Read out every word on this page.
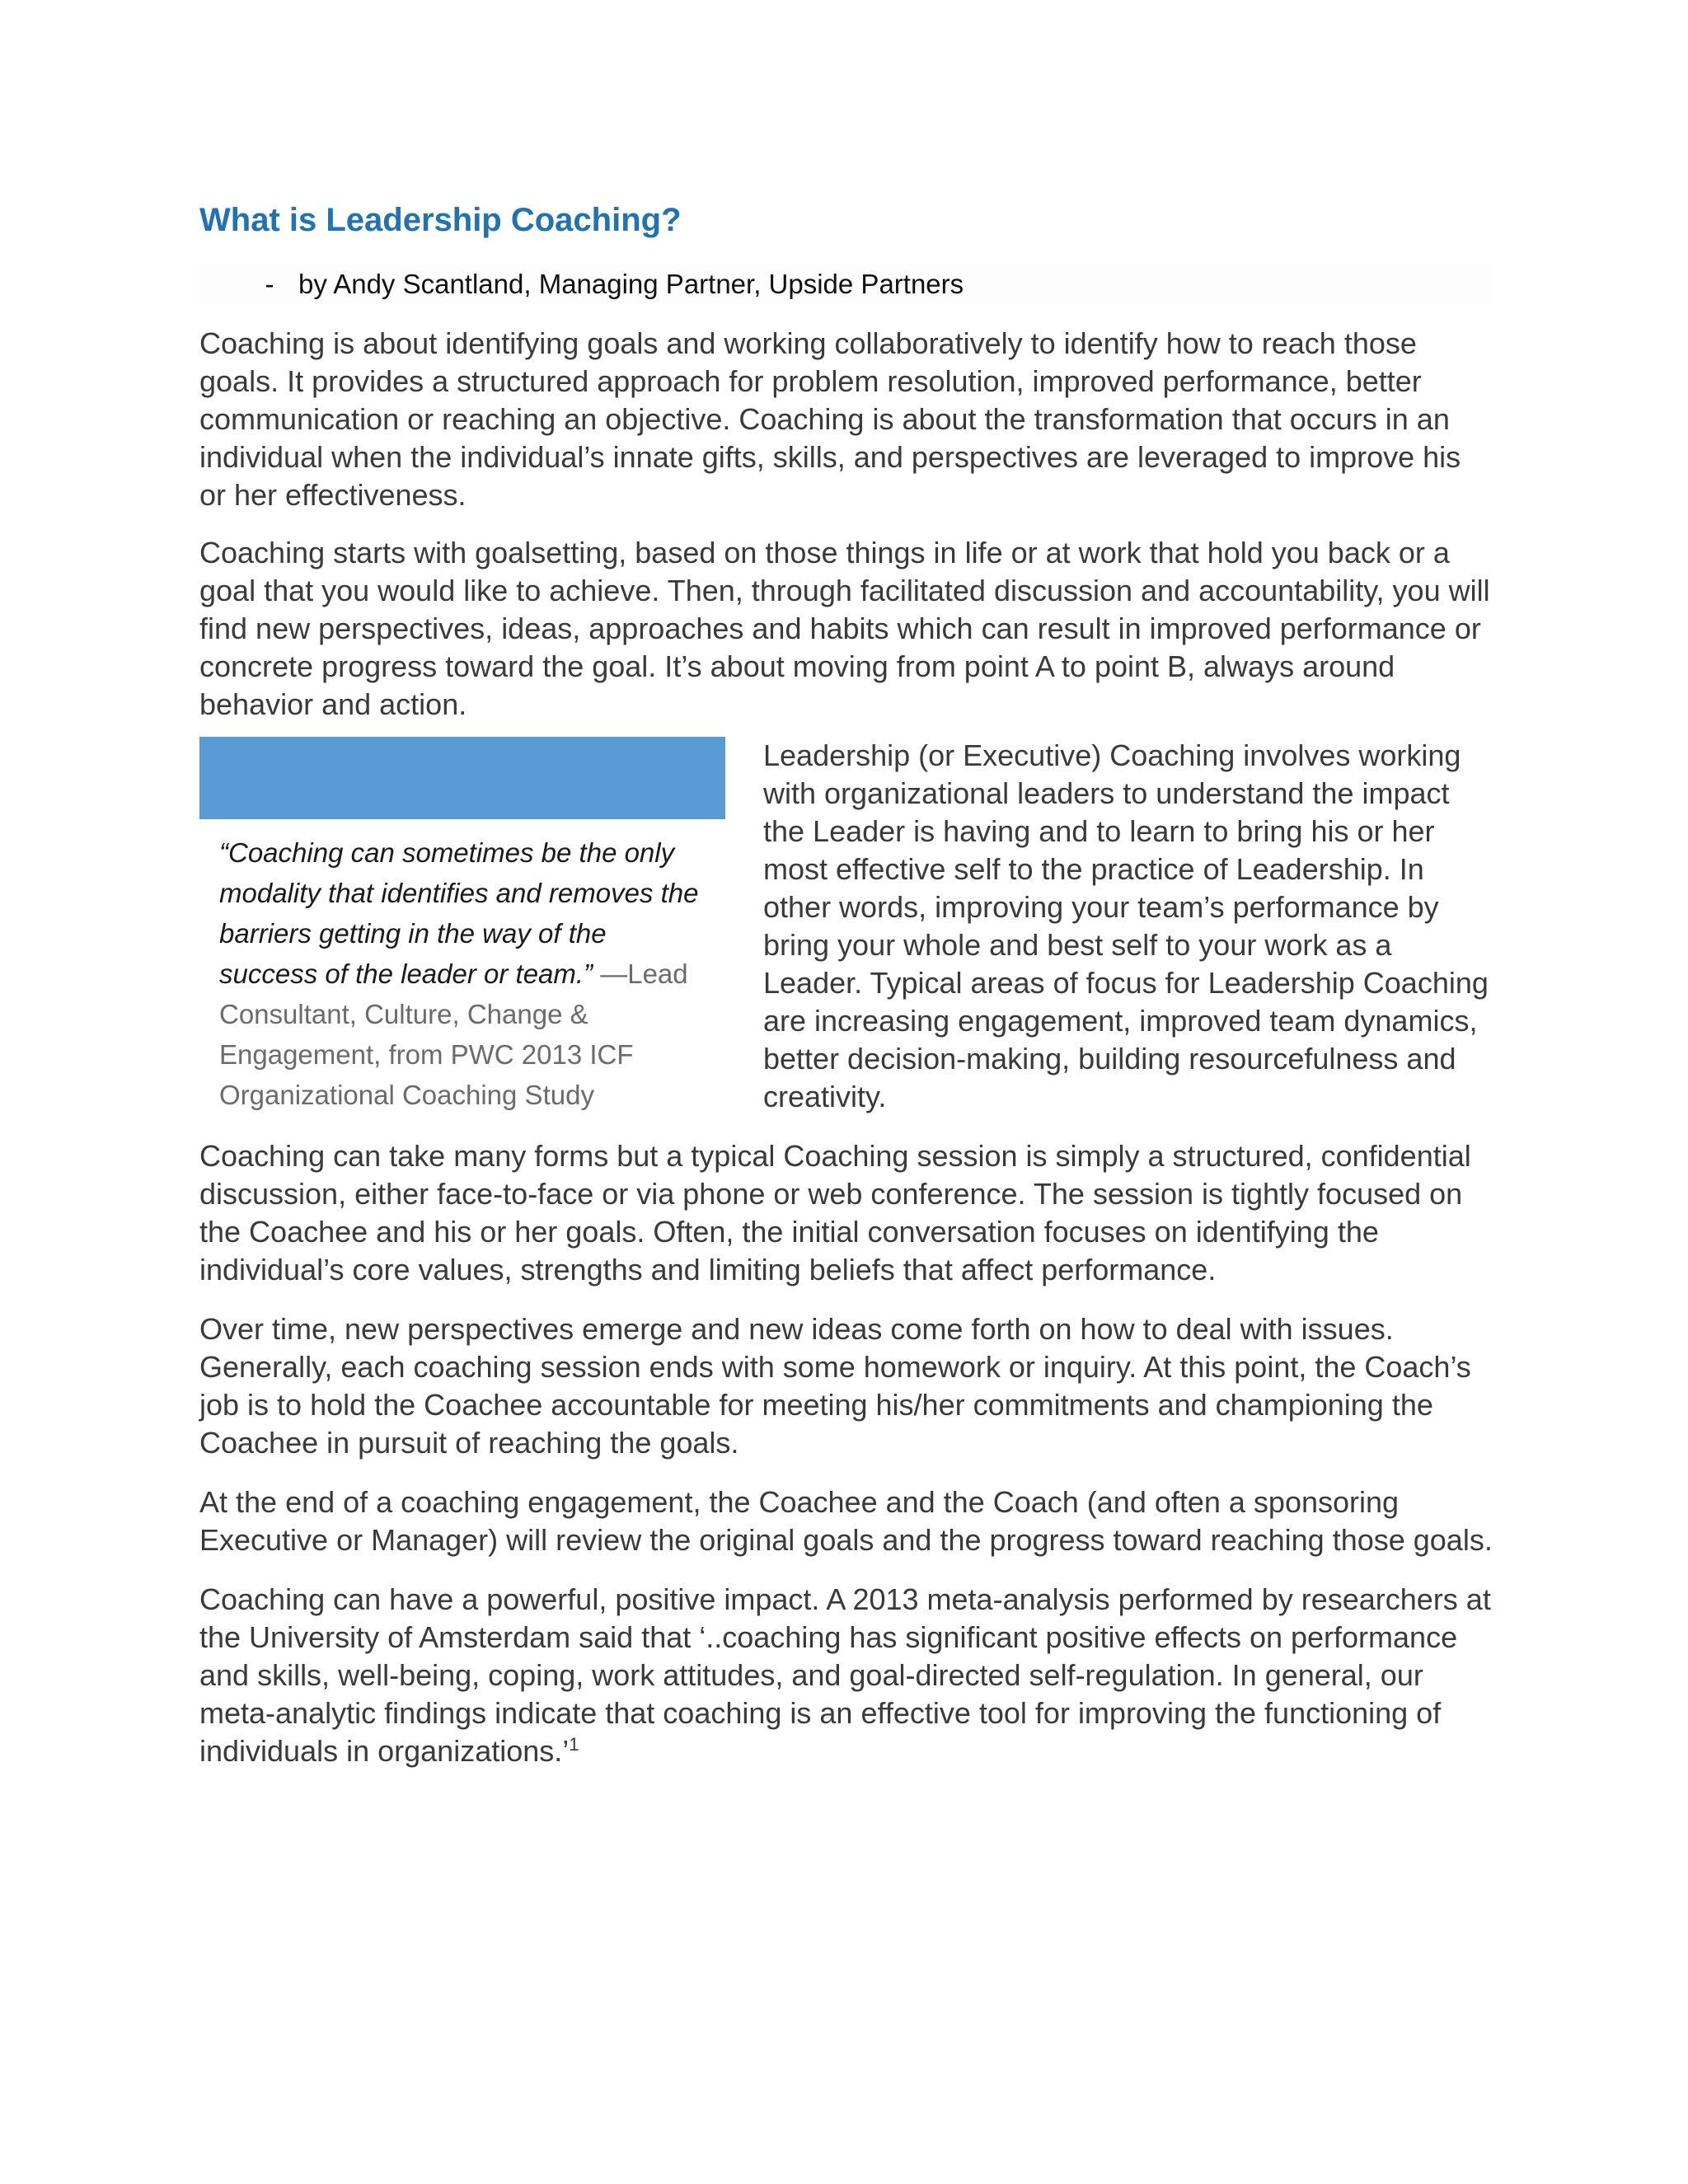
What is Leadership Coaching?
- by Andy Scantland, Managing Partner, Upside Partners

Coaching is about identifying goals and working collaboratively to identify how to reach those goals. It provides a structured approach for problem resolution, improved performance, better communication or reaching an objective. Coaching is about the transformation that occurs in an individual when the individual’s innate gifts, skills, and perspectives are leveraged to improve his or her effectiveness.

Coaching starts with goalsetting, based on those things in life or at work that hold you back or a goal that you would like to achieve. Then, through facilitated discussion and accountability, you will find new perspectives, ideas, approaches and habits which can result in improved performance or concrete progress toward the goal. It’s about moving from point A to point B, always around behavior and action.

“Coaching can sometimes be the only modality that identifies and removes the barriers getting in the way of the success of the leader or team.” —Lead Consultant, Culture, Change & Engagement, from PWC 2013 ICF Organizational Coaching Study

Leadership (or Executive) Coaching involves working with organizational leaders to understand the impact the Leader is having and to learn to bring his or her most effective self to the practice of Leadership. In other words, improving your team’s performance by bring your whole and best self to your work as a Leader. Typical areas of focus for Leadership Coaching are increasing engagement, improved team dynamics, better decision-making, building resourcefulness and creativity.

Coaching can take many forms but a typical Coaching session is simply a structured, confidential discussion, either face-to-face or via phone or web conference. The session is tightly focused on the Coachee and his or her goals. Often, the initial conversation focuses on identifying the individual’s core values, strengths and limiting beliefs that affect performance.

Over time, new perspectives emerge and new ideas come forth on how to deal with issues. Generally, each coaching session ends with some homework or inquiry. At this point, the Coach’s job is to hold the Coachee accountable for meeting his/her commitments and championing the Coachee in pursuit of reaching the goals.

At the end of a coaching engagement, the Coachee and the Coach (and often a sponsoring Executive or Manager) will review the original goals and the progress toward reaching those goals.

Coaching can have a powerful, positive impact. A 2013 meta-analysis performed by researchers at the University of Amsterdam said that ‘..coaching has significant positive effects on performance and skills, well-being, coping, work attitudes, and goal-directed self-regulation. In general, our meta-analytic findings indicate that coaching is an effective tool for improving the functioning of individuals in organizations.’$^1$
